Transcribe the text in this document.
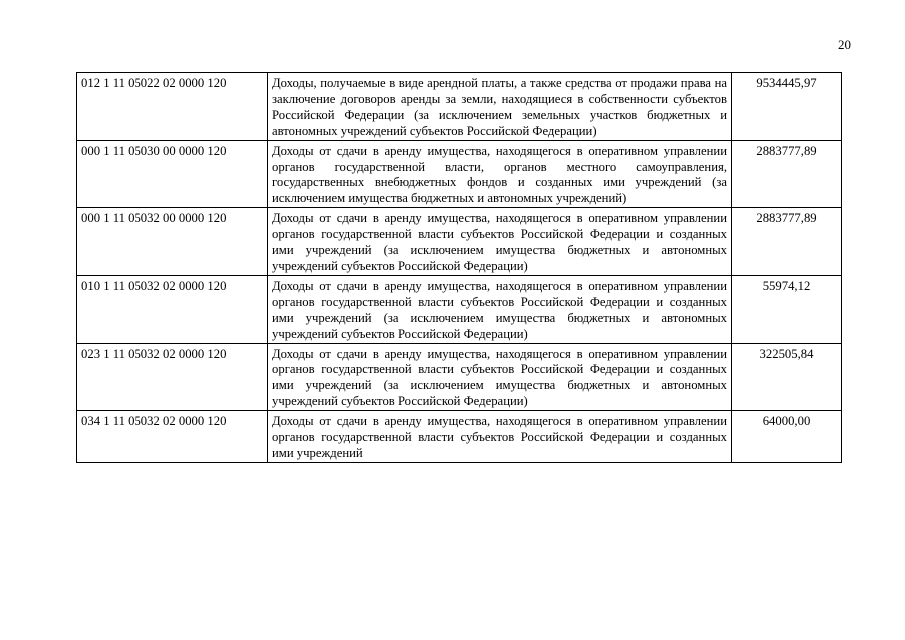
20
012 1 11 05022 02 0000 120	Доходы, получаемые в виде арендной платы, а также средства от продажи права на заключение договоров аренды за земли, находящиеся в собственности субъектов Российской Федерации (за исключением земельных участков бюджетных и автономных учреждений субъектов Российской Федерации)	9534445,97
000 1 11 05030 00 0000 120	Доходы от сдачи в аренду имущества, находящегося в оперативном управлении органов государственной власти, органов местного самоуправления, государственных внебюджетных фондов и созданных ими учреждений (за исключением имущества бюджетных и автономных учреждений)	2883777,89
000 1 11 05032 00 0000 120	Доходы от сдачи в аренду имущества, находящегося в оперативном управлении органов государственной власти субъектов Российской Федерации и созданных ими учреждений (за исключением имущества бюджетных и автономных учреждений субъектов Российской Федерации)	2883777,89
010 1 11 05032 02 0000 120	Доходы от сдачи в аренду имущества, находящегося в оперативном управлении органов государственной власти субъектов Российской Федерации и созданных ими учреждений (за исключением имущества бюджетных и автономных учреждений субъектов Российской Федерации)	55974,12
023 1 11 05032 02 0000 120	Доходы от сдачи в аренду имущества, находящегося в оперативном управлении органов государственной власти субъектов Российской Федерации и созданных ими учреждений (за исключением имущества бюджетных и автономных учреждений субъектов Российской Федерации)	322505,84
034 1 11 05032 02 0000 120	Доходы от сдачи в аренду имущества, находящегося в оперативном управлении органов государственной власти субъектов Российской Федерации и созданных ими учреждений	64000,00
